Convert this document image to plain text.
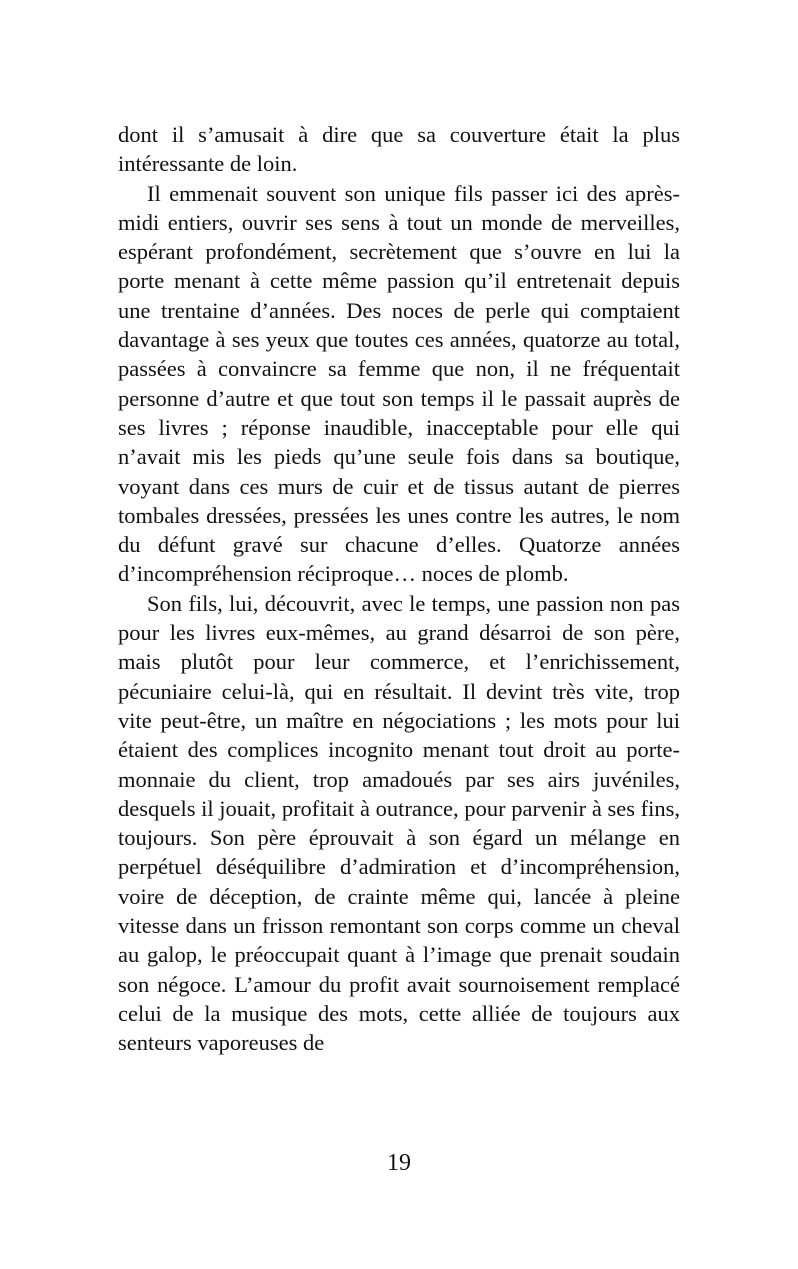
dont il s’amusait à dire que sa couverture était la plus intéressante de loin.

Il emmenait souvent son unique fils passer ici des après-midi entiers, ouvrir ses sens à tout un monde de merveilles, espérant profondément, secrètement que s’ouvre en lui la porte menant à cette même passion qu’il entretenait depuis une trentaine d’années. Des noces de perle qui comptaient davantage à ses yeux que toutes ces années, quatorze au total, passées à convaincre sa femme que non, il ne fréquentait personne d’autre et que tout son temps il le passait auprès de ses livres ; réponse inaudible, inacceptable pour elle qui n’avait mis les pieds qu’une seule fois dans sa boutique, voyant dans ces murs de cuir et de tissus autant de pierres tombales dressées, pressées les unes contre les autres, le nom du défunt gravé sur chacune d’elles. Quatorze années d’incompréhension réciproque… noces de plomb.

Son fils, lui, découvrit, avec le temps, une passion non pas pour les livres eux-mêmes, au grand désarroi de son père, mais plutôt pour leur commerce, et l’enrichissement, pécuniaire celui-là, qui en résultait. Il devint très vite, trop vite peut-être, un maître en négociations ; les mots pour lui étaient des complices incognito menant tout droit au porte-monnaie du client, trop amadoués par ses airs juvéniles, desquels il jouait, profitait à outrance, pour parvenir à ses fins, toujours. Son père éprouvait à son égard un mélange en perpétuel déséquilibre d’admiration et d’incompréhension, voire de déception, de crainte même qui, lancée à pleine vitesse dans un frisson remontant son corps comme un cheval au galop, le préoccupait quant à l’image que prenait soudain son négoce. L’amour du profit avait sournoisement remplacé celui de la musique des mots, cette alliée de toujours aux senteurs vaporeuses de

19
